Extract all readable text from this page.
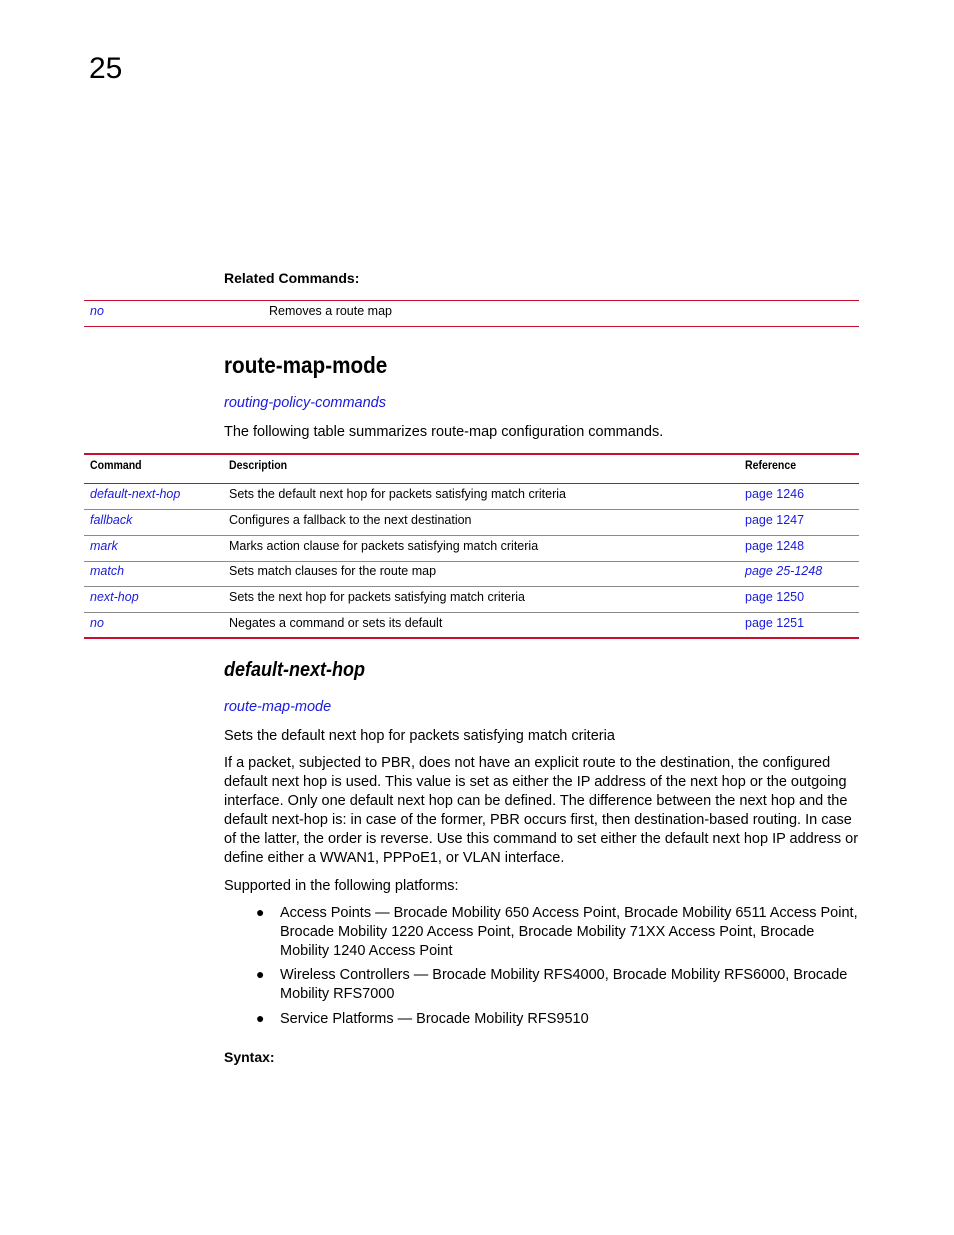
25
Related Commands:
no	Removes a route map
route-map-mode
routing-policy-commands
The following table summarizes route-map configuration commands.
Command	Description	Reference
default-next-hop	Sets the default next hop for packets satisfying match criteria	page 1246
fallback	Configures a fallback to the next destination	page 1247
mark	Marks action clause for packets satisfying match criteria	page 1248
match	Sets match clauses for the route map	page 25-1248
next-hop	Sets the next hop for packets satisfying match criteria	page 1250
no	Negates a command or sets its default	page 1251
default-next-hop
route-map-mode
Sets the default next hop for packets satisfying match criteria
If a packet, subjected to PBR, does not have an explicit route to the destination, the configured
default next hop is used. This value is set as either the IP address of the next hop or the outgoing
interface. Only one default next hop can be defined. The difference between the next hop and the
default next-hop is: in case of the former, PBR occurs first, then destination-based routing. In case
of the latter, the order is reverse. Use this command to set either the default next hop IP address or
define either a WWAN1, PPPoE1, or VLAN interface.
Supported in the following platforms:
● Access Points — Brocade Mobility 650 Access Point, Brocade Mobility 6511 Access Point,
Brocade Mobility 1220 Access Point, Brocade Mobility 71XX Access Point, Brocade
Mobility 1240 Access Point
● Wireless Controllers — Brocade Mobility RFS4000, Brocade Mobility RFS6000, Brocade
Mobility RFS7000
● Service Platforms — Brocade Mobility RFS9510
Syntax:
